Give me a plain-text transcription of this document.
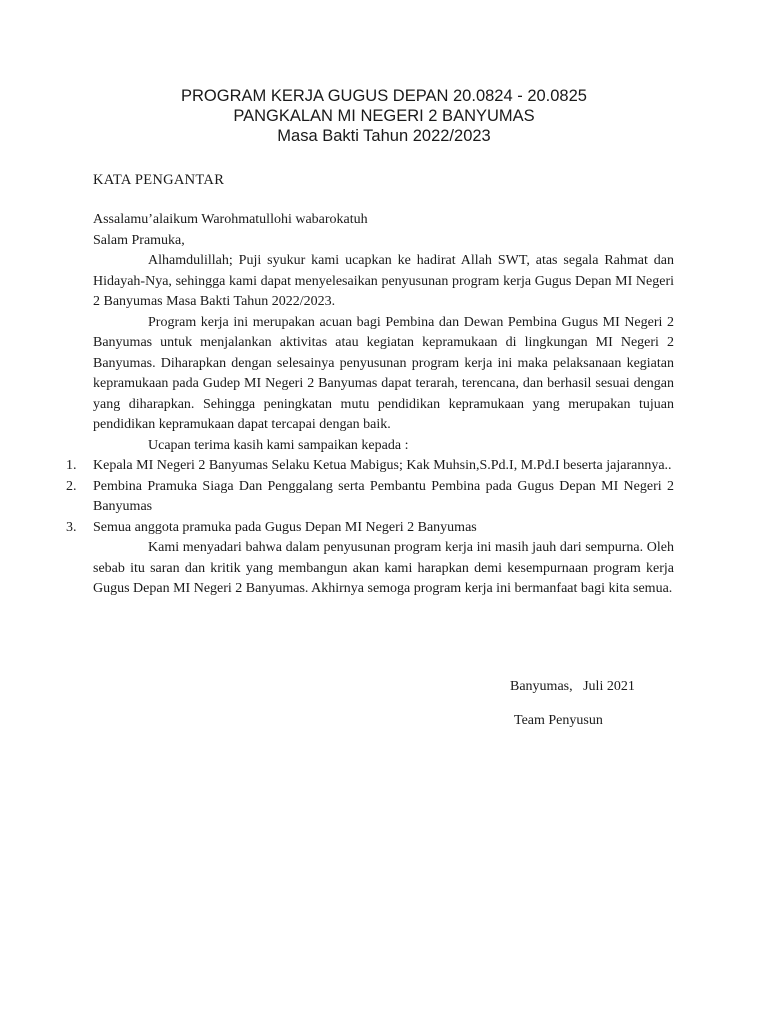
PROGRAM KERJA GUGUS DEPAN 20.0824 - 20.0825
PANGKALAN MI NEGERI 2 BANYUMAS
Masa Bakti Tahun 2022/2023
KATA PENGANTAR

Assalamu’alaikum Warohmatullohi wabarokatuh

Salam Pramuka,

Alhamdulillah; Puji syukur kami ucapkan ke hadirat Allah SWT, atas segala Rahmat dan Hidayah-Nya, sehingga kami dapat menyelesaikan penyusunan program kerja Gugus Depan MI Negeri 2 Banyumas Masa Bakti Tahun 2022/2023.

Program kerja ini merupakan acuan bagi Pembina dan Dewan Pembina Gugus MI Negeri 2 Banyumas untuk menjalankan aktivitas atau kegiatan kepramukaan di lingkungan MI Negeri 2 Banyumas. Diharapkan dengan selesainya penyusunan program kerja ini maka pelaksanaan kegiatan kepramukaan pada Gudep MI Negeri 2 Banyumas dapat terarah, terencana, dan berhasil sesuai dengan yang diharapkan. Sehingga peningkatan mutu pendidikan kepramukaan yang merupakan tujuan pendidikan kepramukaan dapat tercapai dengan baik.

Ucapan terima kasih kami sampaikan kepada :

1. Kepala MI Negeri 2 Banyumas Selaku Ketua Mabigus; Kak Muhsin,S.Pd.I, M.Pd.I beserta jajarannya..
2. Pembina Pramuka Siaga Dan Penggalang serta Pembantu Pembina pada Gugus Depan MI Negeri 2 Banyumas
3. Semua anggota pramuka pada Gugus Depan MI Negeri 2 Banyumas

Kami menyadari bahwa dalam penyusunan program kerja ini masih jauh dari sempurna. Oleh sebab itu saran dan kritik yang membangun akan kami harapkan demi kesempurnaan program kerja Gugus Depan MI Negeri 2 Banyumas. Akhirnya semoga program kerja ini bermanfaat bagi kita semua.

Banyumas,   Juli 2021
Team Penyusun
